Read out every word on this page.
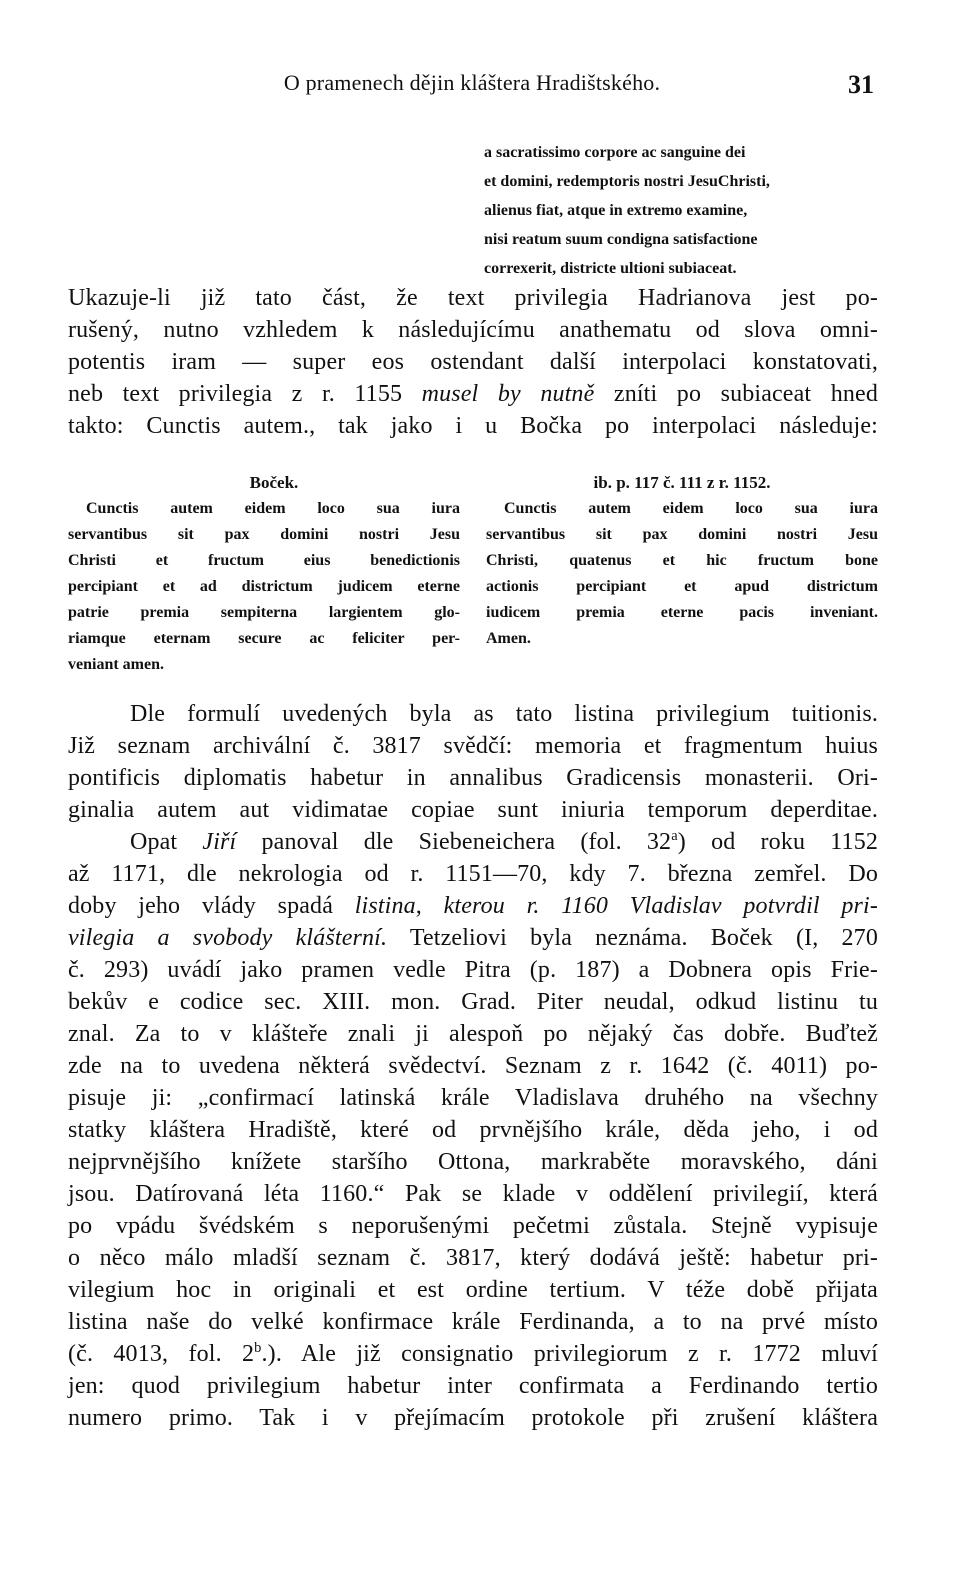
O pramenech dějin kláštera Hradištského.	31
a sacratissimo corpore ac sanguine dei
et domini, redemptoris nostri JesuChristi,
alienus fiat, atque in extremo examine,
nisi reatum suum condigna satisfactione
correxerit, districte ultioni subiaceat.
Ukazuje-li již tato část, že text privilegia Hadrianova jest po-
rušený, nutno vzhledem k následujícímu anathematu od slova omni-
potentis iram — super eos ostendant další interpolaci konstatovati,
neb text privilegia z r. 1155 musel by nutně zníti po subiaceat hned
takto: Cunctis autem., tak jako i u Bočka po interpolaci následuje:
Boček.
Cunctis autem eidem loco sua iura
servantibus sit pax domini nostri Jesu
Christi et fructum eius benedictionis
percipiant et ad districtum judicem eterne
patrie premia sempiterna largientem glo-
riamque eternam secure ac feliciter per-
veniant amen.
ib. p. 117 č. 111 z r. 1152.
Cunctis autem eidem loco sua iura
servantibus sit pax domini nostri Jesu
Christi, quatenus et hic fructum bone
actionis percipiant et apud districtum
iudicem premia eterne pacis inveniant.
Amen.
Dle formulí uvedených byla as tato listina privilegium tuitionis.
Již seznam archivální č. 3817 svědčí: memoria et fragmentum huius
pontificis diplomatis habetur in annalibus Gradicensis monasterii. Ori-
ginalia autem aut vidimatae copiae sunt iniuria temporum deperditae.
Opat Jiří panoval dle Siebeneichera (fol. 32$^a$) od roku 1152
až 1171, dle nekrologia od r. 1151—70, kdy 7. března zemřel. Do
doby jeho vlády spadá listina, kterou r. 1160 Vladislav potvrdil pri-
vilegia a svobody klášterní. Tetzeliovi byla neznáma. Boček (I, 270
č. 293) uvádí jako pramen vedle Pitra (p. 187) a Dobnera opis Frie-
bekův e codice sec. XIII. mon. Grad. Piter neudal, odkud listinu tu
znal. Za to v klášteře znali ji alespoň po nějaký čas dobře. Buďtež
zde na to uvedena některá svědectví. Seznam z r. 1642 (č. 4011) po-
pisuje ji: „confirmací latinská krále Vladislava druhého na všechny
statky kláštera Hradiště, které od prvnějšího krále, děda jeho, i od
nejprvnějšího knížete staršího Ottona, markraběte moravského, dáni
jsou. Datírovaná léta 1160.“ Pak se klade v oddělení privilegií, která
po vpádu švédském s neporušenými pečetmi zůstala. Stejně vypisuje
o něco málo mladší seznam č. 3817, který dodává ještě: habetur pri-
vilegium hoc in originali et est ordine tertium. V téže době přijata
listina naše do velké konfirmace krále Ferdinanda, a to na prvé místo
(č. 4013, fol. 2$^b$.). Ale již consignatio privilegiorum z r. 1772 mluví
jen: quod privilegium habetur inter confirmata a Ferdinando tertio
numero primo. Tak i v přejímacím protokole při zrušení kláštera
